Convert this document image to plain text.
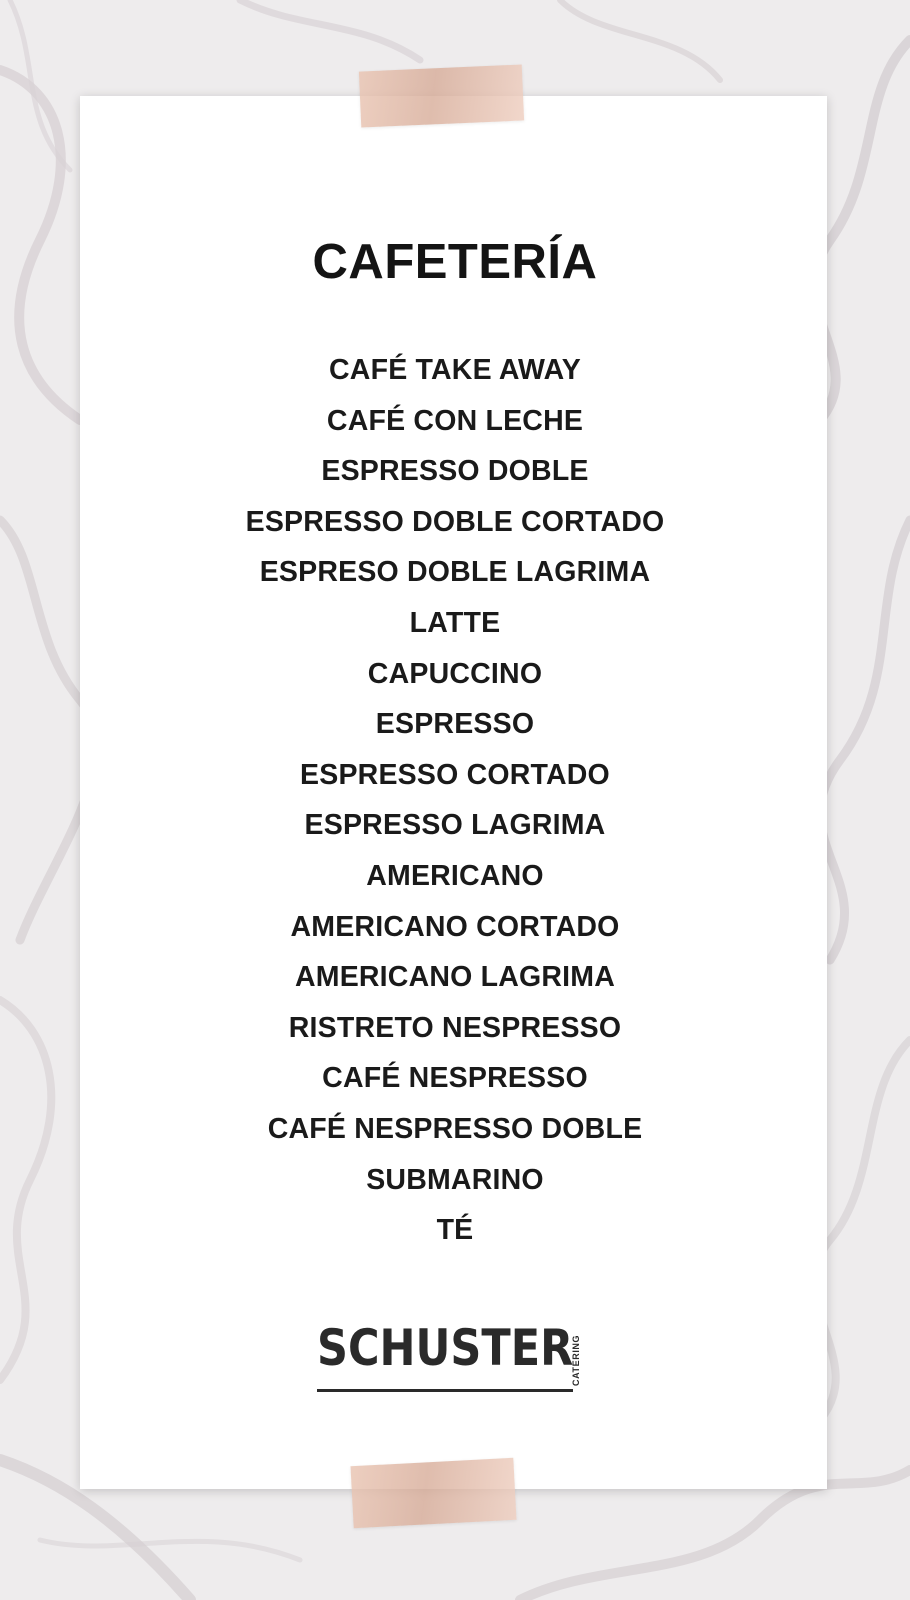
CAFETERÍA
CAFÉ TAKE AWAY
CAFÉ CON LECHE
ESPRESSO DOBLE
ESPRESSO DOBLE CORTADO
ESPRESO DOBLE LAGRIMA
LATTE
CAPUCCINO
ESPRESSO
ESPRESSO CORTADO
ESPRESSO LAGRIMA
AMERICANO
AMERICANO CORTADO
AMERICANO LAGRIMA
RISTRETO NESPRESSO
CAFÉ NESPRESSO
CAFÉ NESPRESSO DOBLE
SUBMARINO
TÉ
SCHUSTER
CATERING
